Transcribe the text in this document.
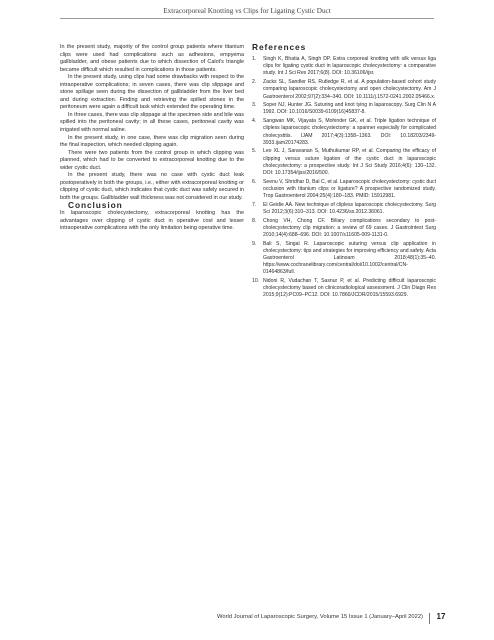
Extracorporeal Knotting vs Clips for Ligating Cystic Duct

In the present study, majority of the control group patients where titanium clips were used had complications such as adhesions, empyema gallbladder, and obese patients due to which dissection of Calot's triangle became difficult which resulted in complications in those patients.

In the present study, using clips had some drawbacks with respect to the intraoperative complications; in seven cases, there was clip slippage and stone spillage seen during the dissection of gallbladder from the liver bed and during extraction. Finding and retrieving the spilled stones in the peritoneum were again a difficult task which extended the operating time.

In three cases, there was clip slippage at the specimen side and bile was spilled into the peritoneal cavity; in all these cases, peritoneal cavity was irrigated with normal saline.

In the present study, in one case, there was clip migration seen during the final inspection, which needed clipping again.

There were two patients from the control group in which clipping was planned, which had to be converted to extracorporeal knotting due to the wider cystic duct.

In the present study, there was no case with cystic duct leak postoperatively in both the groups, i.e., either with extracorporeal knotting or clipping of cystic duct, which indicates that cystic duct was safely secured in both the groups. Gallbladder wall thickness was not considered in our study.

Conclusion

In laparoscopic cholecystectomy, extracorporeal knotting has the advantages over clipping of cystic duct in operative cost and lesser intraoperative complications with the only limitation being operative time.

References
1. Singh K, Bhatia A, Singh DP. Extra corporeal knotting with silk versus liga clips for ligating cystic duct in laparoscopic cholecystectomy: a comparative study. Int J Sci Res 2017;6(8). DOI: 10.36106/ijsr.
2. Zacks SL, Sandler RS, Rutledge R, et al. A population-based cohort study comparing laparoscopic cholecystectomy and open cholecystectomy. Am J Gastroenterol 2002;97(2):334–340. DOI: 10.1111/j.1572-0241.2002.05466.x.
3. Soper NJ, Hunter JG. Suturing and knot tying in laparoscopy. Surg Clin N A 1992. DOI: 10.1016/S0039-6109(16)45837-8.
4. Sangwan MK, Vijayata S, Mohinder GK, et al. Triple ligation technique of clipless laparoscopic cholecystectomy: a spanner especially for complicated cholecystitis. IJAM 2017;4(3):1358–1363. DOI: 10.18203/2349-3933.ijam20174283.
5. Leo XL J, Saravanan S, Muthukumar RP, et al. Comparing the efficacy of clipping versus suture ligation of the cystic duct in laparoscopic cholecystectomy: a prospective study. Int J Sci Study 2016;4(6): 130–132. DOI: 10.17354/ijss/2016/500.
6. Seenu V, Shridhar D, Bal C, et al. Laparoscopic cholecystectomy: cystic duct occlusion with titanium clips or ligature? A prospective randomized study. Trop Gastroenterol 2004;25(4):180–183. PMID: 15912981.
7. El Geidie AA. New technique of clipless laparoscopic cholecystectomy. Surg Sci 2012;3(6):310–313. DOI: 10.4236/ss.2012.36061.
8. Chong VH, Chong CF. Biliary complications secondary to post-cholecystectomy clip migration: a review of 69 cases. J Gastrointest Surg 2010;14(4):688–696. DOI: 10.1007/s11605-009-1131-0.
9. Bali S, Singal R. Laparoscopic suturing versus clip application in cholecystectomy: tips and strategies for improving efficiency and safety. Acta Gastroenterol Latinoam 2018;48(1):35–40. https://www.cochranelibrary.com/central/doi/10.1002/central/CN-01464863/full.
10. Nidoni R, Vudachan T, Sasnur P, et al. Predicting difficult laparoscopic cholecystectomy based on clinicoradiological assessment. J Clin Diagn Res 2015;9(12):PC09–PC12. DOI: 10.7860/JCDR/2015/15593.6929.
World Journal of Laparoscopic Surgery, Volume 15 Issue 1 (January–April 2022)	17
